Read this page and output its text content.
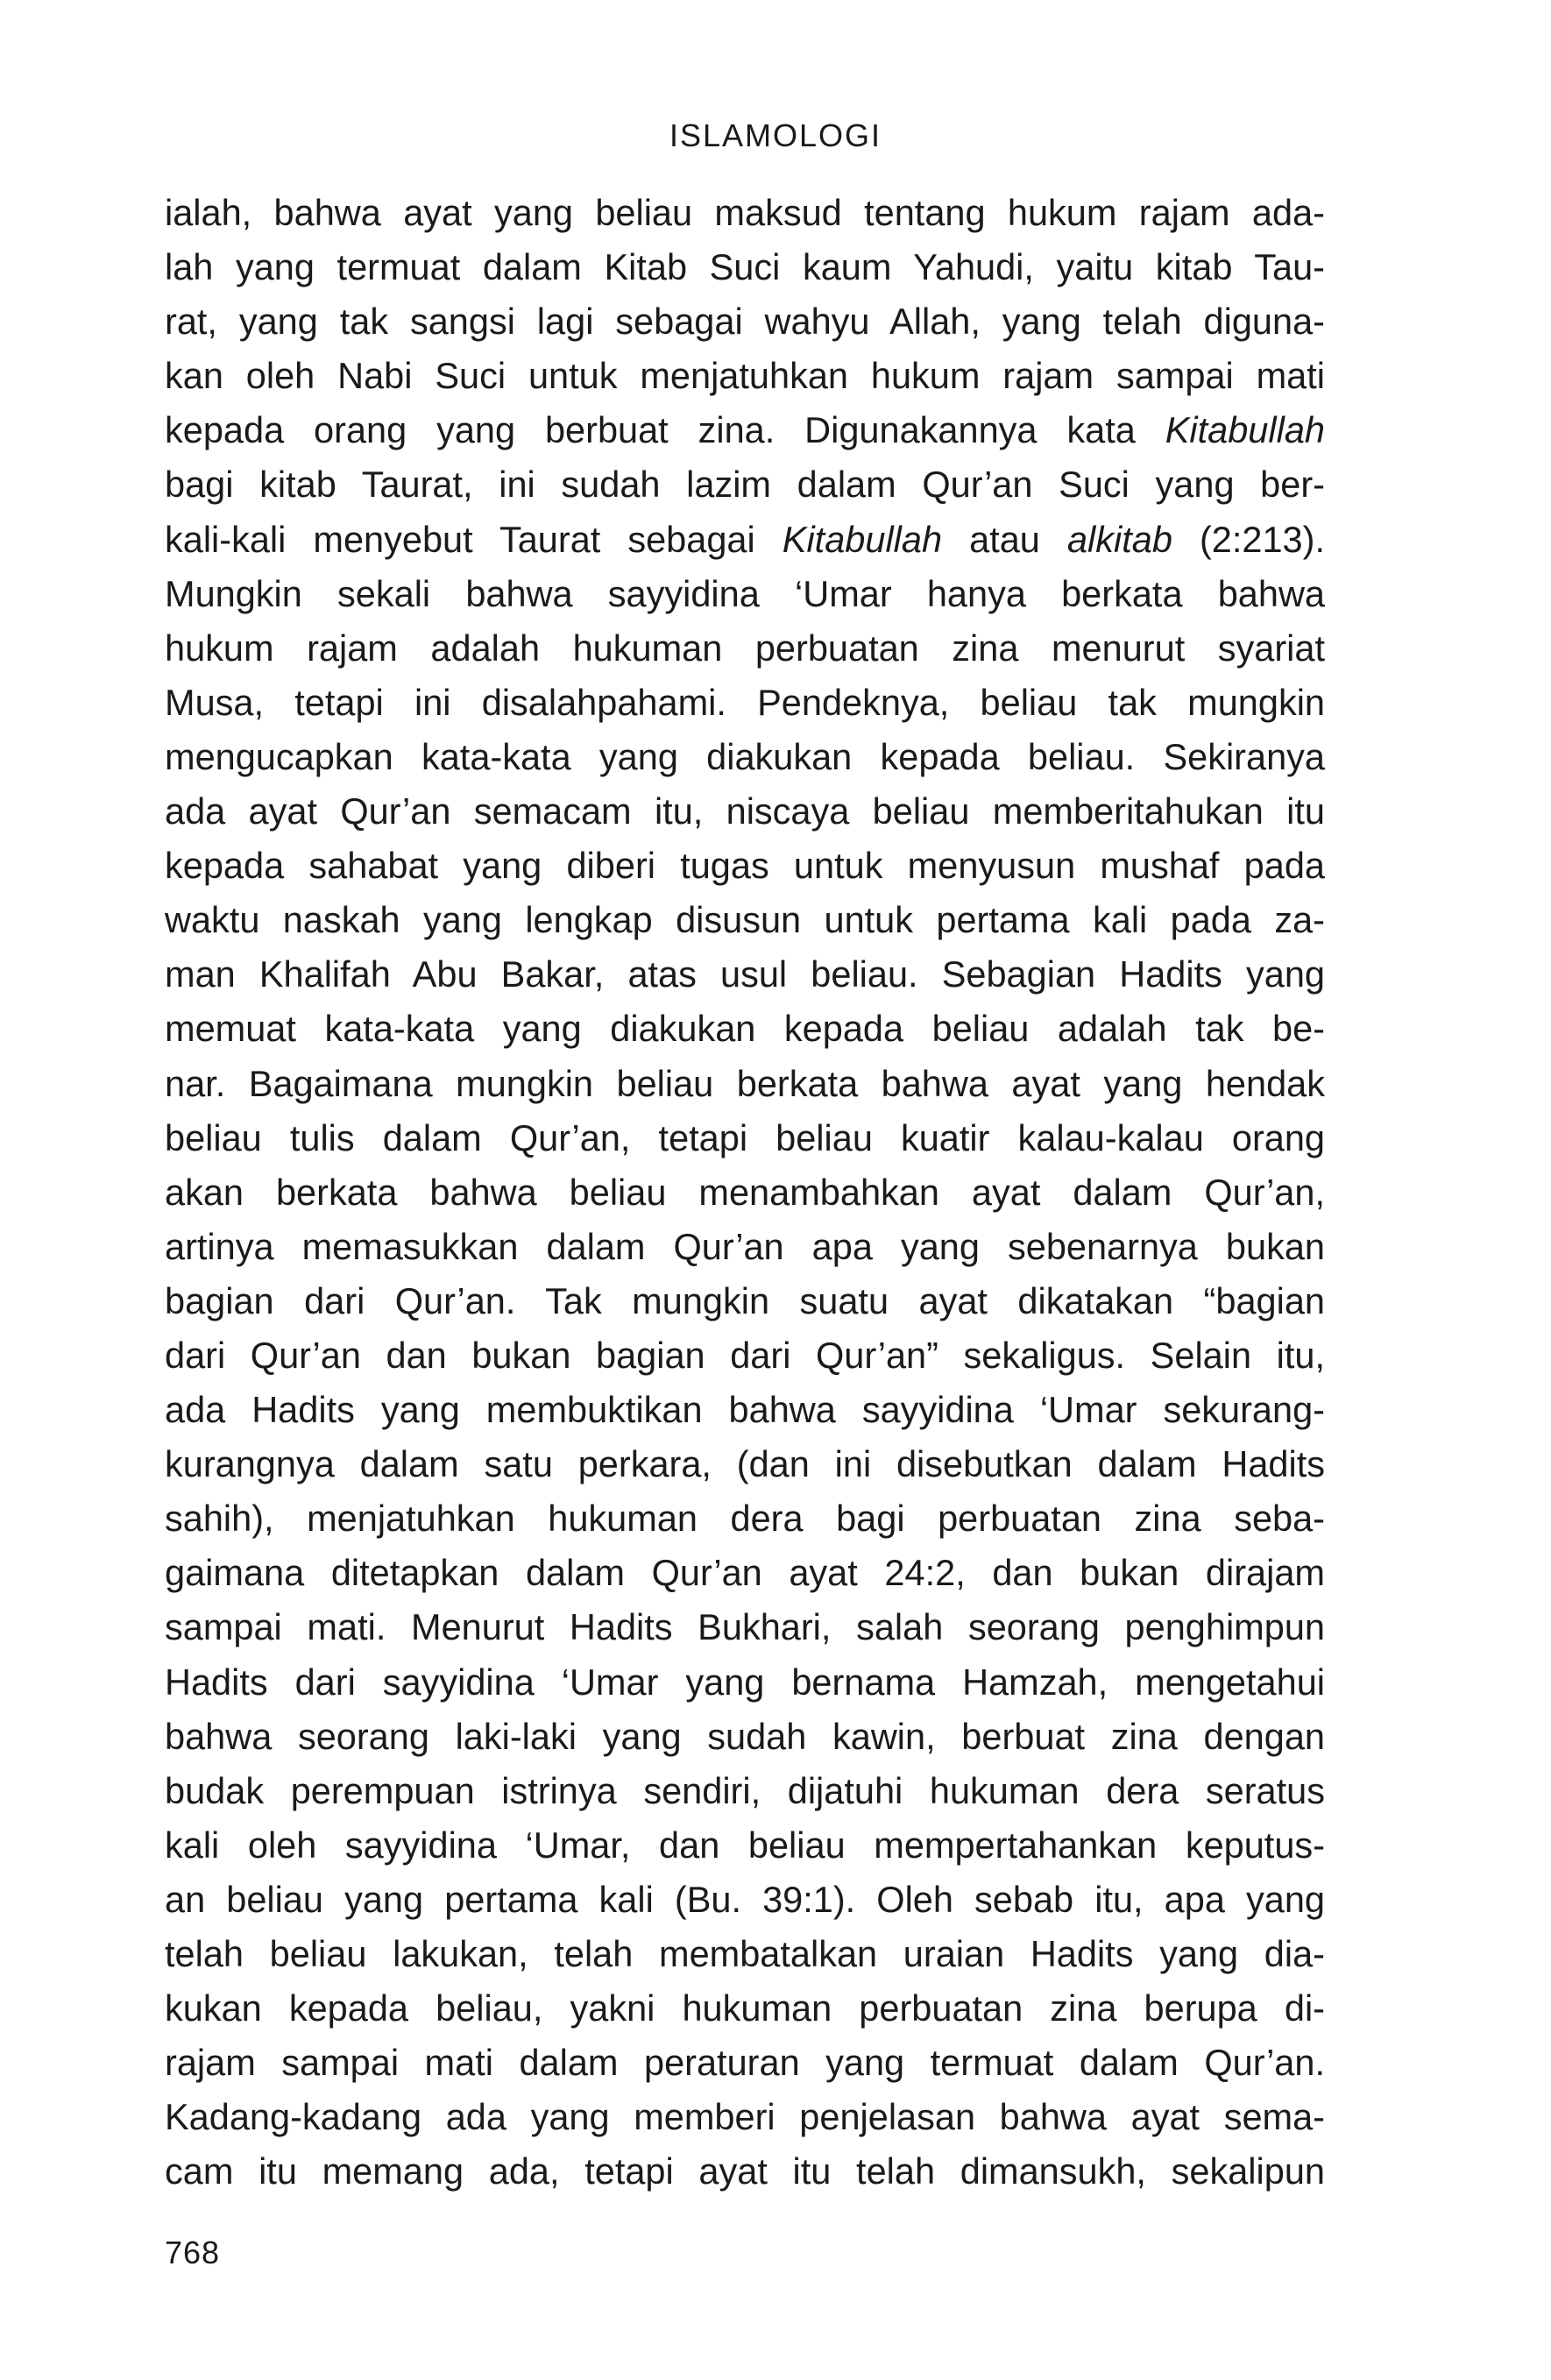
ISLAMOLOGI
ialah, bahwa ayat yang beliau maksud tentang hukum rajam ada-
lah yang termuat dalam Kitab Suci kaum Yahudi, yaitu kitab Tau-
rat, yang tak sangsi lagi sebagai wahyu Allah, yang telah diguna-
kan oleh Nabi Suci untuk menjatuhkan hukum rajam sampai mati
kepada orang yang berbuat zina. Digunakannya kata Kitabullah
bagi kitab Taurat, ini sudah lazim dalam Qur’an Suci yang ber-
kali-kali menyebut Taurat sebagai Kitabullah atau alkitab (2:213).
Mungkin sekali bahwa sayyidina ‘Umar hanya berkata bahwa
hukum rajam adalah hukuman perbuatan zina menurut syariat
Musa, tetapi ini disalahpahami. Pendeknya, beliau tak mungkin
mengucapkan kata-kata yang diakukan kepada beliau. Sekiranya
ada ayat Qur’an semacam itu, niscaya beliau memberitahukan itu
kepada sahabat yang diberi tugas untuk menyusun mushaf pada
waktu naskah yang lengkap disusun untuk pertama kali pada za-
man Khalifah Abu Bakar, atas usul beliau. Sebagian Hadits yang
memuat kata-kata yang diakukan kepada beliau adalah tak be-
nar. Bagaimana mungkin beliau berkata bahwa ayat yang hendak
beliau tulis dalam Qur’an, tetapi beliau kuatir kalau-kalau orang
akan berkata bahwa beliau menambahkan ayat dalam Qur’an,
artinya memasukkan dalam Qur’an apa yang sebenarnya bukan
bagian dari Qur’an. Tak mungkin suatu ayat dikatakan “bagian
dari Qur’an dan bukan bagian dari Qur’an” sekaligus. Selain itu,
ada Hadits yang membuktikan bahwa sayyidina ‘Umar sekurang-
kurangnya dalam satu perkara, (dan ini disebutkan dalam Hadits
sahih), menjatuhkan hukuman dera bagi perbuatan zina seba-
gaimana ditetapkan dalam Qur’an ayat 24:2, dan bukan dirajam
sampai mati. Menurut Hadits Bukhari, salah seorang penghimpun
Hadits dari sayyidina ‘Umar yang bernama Hamzah, mengetahui
bahwa seorang laki-laki yang sudah kawin, berbuat zina dengan
budak perempuan istrinya sendiri, dijatuhi hukuman dera seratus
kali oleh sayyidina ‘Umar, dan beliau mempertahankan keputus-
an beliau yang pertama kali (Bu. 39:1). Oleh sebab itu, apa yang
telah beliau lakukan, telah membatalkan uraian Hadits yang dia-
kukan kepada beliau, yakni hukuman perbuatan zina berupa di-
rajam sampai mati dalam peraturan yang termuat dalam Qur’an.
Kadang-kadang ada yang memberi penjelasan bahwa ayat sema-
cam itu memang ada, tetapi ayat itu telah dimansukh, sekalipun
768
